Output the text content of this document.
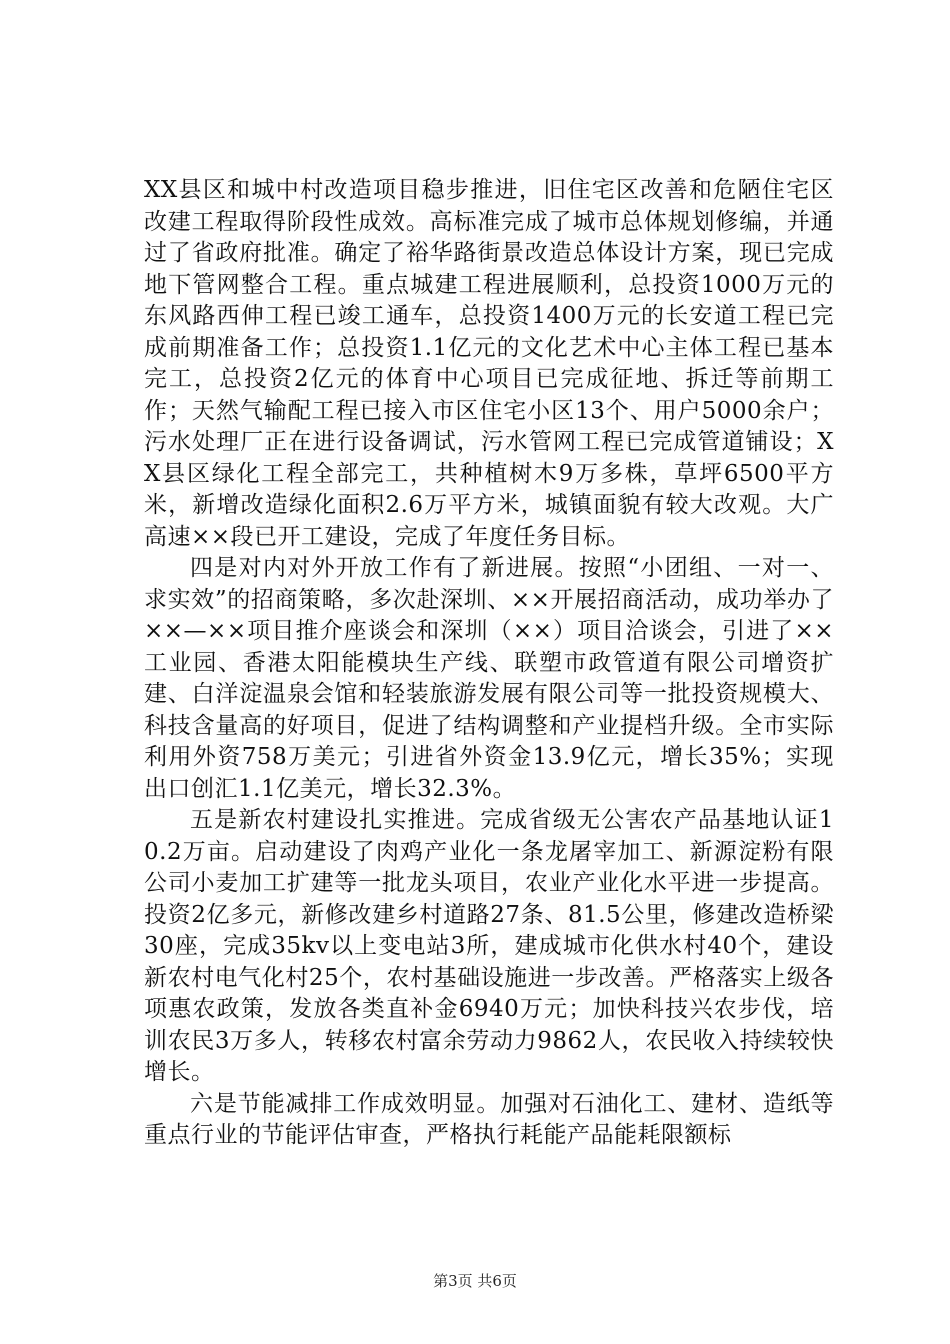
XX县区和城中村改造项目稳步推进，旧住宅区改善和危陋住宅区改建工程取得阶段性成效。高标准完成了城市总体规划修编，并通过了省政府批准。确定了裕华路街景改造总体设计方案，现已完成地下管网整合工程。重点城建工程进展顺利，总投资1000万元的东风路西伸工程已竣工通车，总投资1400万元的长安道工程已完成前期准备工作；总投资1.1亿元的文化艺术中心主体工程已基本完工，总投资2亿元的体育中心项目已完成征地、拆迁等前期工作；天然气输配工程已接入市区住宅小区13个、用户5000余户；污水处理厂正在进行设备调试，污水管网工程已完成管道铺设；XX县区绿化工程全部完工，共种植树木9万多株，草坪6500平方米，新增改造绿化面积2.6万平方米，城镇面貌有较大改观。大广高速××段已开工建设，完成了年度任务目标。

四是对内对外开放工作有了新进展。按照“小团组、一对一、求实效”的招商策略，多次赴深圳、××开展招商活动，成功举办了××—××项目推介座谈会和深圳（××）项目洽谈会，引进了××工业园、香港太阳能模块生产线、联塑市政管道有限公司增资扩建、白洋淀温泉会馆和轻装旅游发展有限公司等一批投资规模大、科技含量高的好项目，促进了结构调整和产业提档升级。全市实际利用外资758万美元；引进省外资金13.9亿元，增长35%；实现出口创汇1.1亿美元，增长32.3%。

五是新农村建设扎实推进。完成省级无公害农产品基地认证10.2万亩。启动建设了肉鸡产业化一条龙屠宰加工、新源淀粉有限公司小麦加工扩建等一批龙头项目，农业产业化水平进一步提高。投资2亿多元，新修改建乡村道路27条、81.5公里，修建改造桥梁30座，完成35kv以上变电站3所，建成城市化供水村40个，建设新农村电气化村25个，农村基础设施进一步改善。严格落实上级各项惠农政策，发放各类直补金6940万元；加快科技兴农步伐，培训农民3万多人，转移农村富余劳动力9862人，农民收入持续较快增长。

六是节能减排工作成效明显。加强对石油化工、建材、造纸等重点行业的节能评估审查，严格执行耗能产品能耗限额标

第3页 共6页
